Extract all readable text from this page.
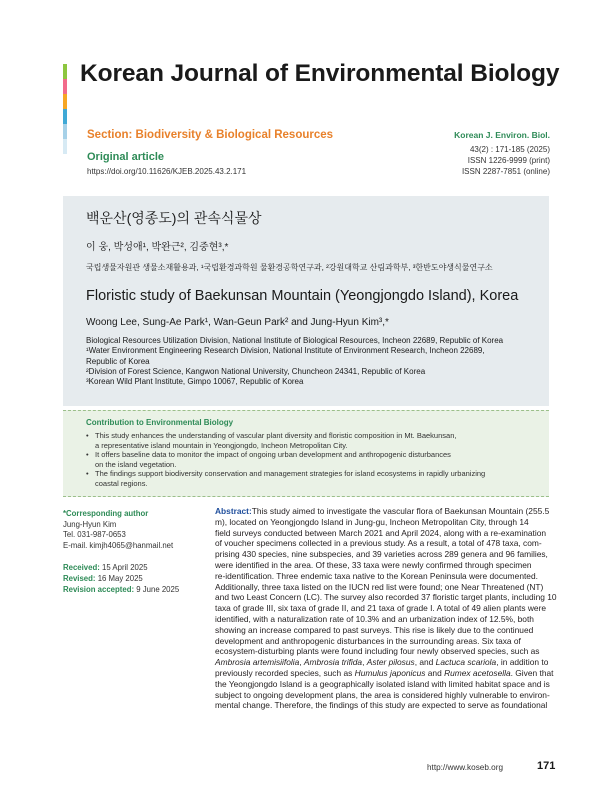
Korean Journal of Environmental Biology
Section: Biodiversity & Biological Resources
Original article
https://doi.org/10.11626/KJEB.2025.43.2.171
Korean J. Environ. Biol.
43(2) : 171-185 (2025)
ISSN 1226-9999 (print)
ISSN 2287-7851 (online)
백운산(영종도)의 관속식물상
이 웅, 박성애¹, 박완근², 김중현³,*
국립생물자원관 생물소재활용과, ¹국립환경과학원 물환경공학연구과, ²강원대학교 산림과학부, ³한반도야생식물연구소
Floristic study of Baekunsan Mountain (Yeongjongdo Island), Korea
Woong Lee, Sung-Ae Park¹, Wan-Geun Park² and Jung-Hyun Kim³,*
Biological Resources Utilization Division, National Institute of Biological Resources, Incheon 22689, Republic of Korea
¹Water Environment Engineering Research Division, National Institute of Environment Research, Incheon 22689,
Republic of Korea
²Division of Forest Science, Kangwon National University, Chuncheon 24341, Republic of Korea
³Korean Wild Plant Institute, Gimpo 10067, Republic of Korea
Contribution to Environmental Biology
• This study enhances the understanding of vascular plant diversity and floristic composition in Mt. Baekunsan,
a representative island mountain in Yeongjongdo, Incheon Metropolitan City.
• It offers baseline data to monitor the impact of ongoing urban development and anthropogenic disturbances
on the island vegetation.
• The findings support biodiversity conservation and management strategies for island ecosystems in rapidly urbanizing
coastal regions.
*Corresponding author
Jung-Hyun Kim
Tel. 031-987-0653
E-mail. kimjh4065@hanmail.net
Received: 15 April 2025
Revised: 16 May 2025
Revision accepted: 9 June 2025
Abstract:This study aimed to investigate the vascular flora of Baekunsan Mountain (255.5
m), located on Yeongjongdo Island in Jung-gu, Incheon Metropolitan City, through 14
field surveys conducted between March 2021 and April 2024, along with a re-examination
of voucher specimens collected in a previous study. As a result, a total of 478 taxa, com-
prising 430 species, nine subspecies, and 39 varieties across 289 genera and 96 families,
were identified in the area. Of these, 33 taxa were newly confirmed through specimen
re-identification. Three endemic taxa native to the Korean Peninsula were documented.
Additionally, three taxa listed on the IUCN red list were found; one Near Threatened (NT)
and two Least Concern (LC). The survey also recorded 37 floristic target plants, including 10
taxa of grade III, six taxa of grade II, and 21 taxa of grade I. A total of 49 alien plants were
identified, with a naturalization rate of 10.3% and an urbanization index of 12.5%, both
showing an increase compared to past surveys. This rise is likely due to the continued
development and anthropogenic disturbances in the surrounding areas. Six taxa of
ecosystem-disturbing plants were found including four newly observed species, such as
Ambrosia artemisiifolia, Ambrosia trifida, Aster pilosus, and Lactuca scariola, in addition to
previously recorded species, such as Humulus japonicus and Rumex acetosella. Given that
the Yeongjongdo Island is a geographically isolated island with limited habitat space and is
subject to ongoing development plans, the area is considered highly vulnerable to environ-
mental change. Therefore, the findings of this study are expected to serve as foundational
http://www.koseb.org	171
